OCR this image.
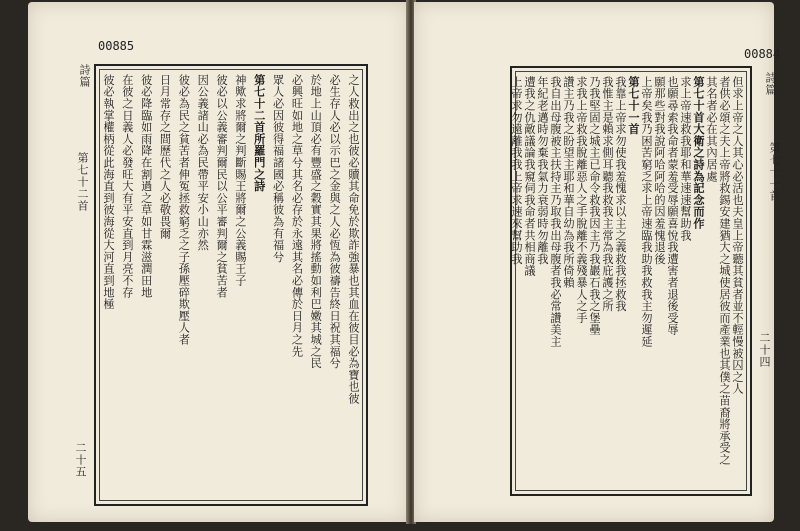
00885
詩篇
第七十二首
二十五
之人救出之也彼必贖其命免於欺詐強暴也其血在彼目必為寶也彼
必生存人必以示巴之金與之人必恆為彼禱告終日祝其福兮
於地上山頂必有豐盛之穀實其果將搖動如利巴嫩其城之民
必興旺如地之草兮其名必存於永遠其名必傳於日月之先
眾人必因彼得福諸國必稱彼為有福兮
第七十二首所羅門之詩
神歟求將爾之判斷賜王將爾之公義賜王子
彼必以公義審判爾民以公平審判爾之貧苦者
因公義諸山必為民帶平安小山亦然
彼必為民之貧苦者伸冤拯救窮乏之子孫壓碎欺壓人者
日月常存之間歷代之人必敬畏爾
彼必降臨如雨降在割過之草如甘霖滋潤田地
在彼之日義人必發旺大有平安直到月亮不存
彼必執掌權柄從此海直到彼海從大河直到地極
00884
詩篇
第七十一首
二十四
但求上帝之人其心必活也夫皇上帝聽其貧者並不輕慢被囚之人
者供必頌之夫上帝將救錫安建猶大之城使居彼而產業也其僕之苗裔將承受之
其名者必在其內居處
第七十首大衛之詩為記念而作
求上帝速救我耶和華速速幫助我
也願尋索我命者蒙羞受辱願喜悅我遭害者退後受辱
願那些對我說阿哈阿哈的因羞愧退後
上帝矣我乃困苦窮乏求上帝速臨我助我救我主勿遲延
第七十一首
我靠上帝求勿使我羞愧求以主之義救我拯救我
我惟主是賴求側耳聽我救我主常為我庇護之所
乃我堅固之城主已命令救我因主乃我巖石我之堡壘
求我上帝救我脫離惡人之手脫離不義殘暴人之手
讚主乃我之盼望主耶和華自幼為我所倚賴
我自出母腹被主扶持主乃取我出母腹者我必常讚美主
年紀老邁時勿棄我氣力衰弱時勿離我
遭我之仇敵議論我窺伺我命者共相商議
上帝求勿遠離我我上帝求速來幫助我
